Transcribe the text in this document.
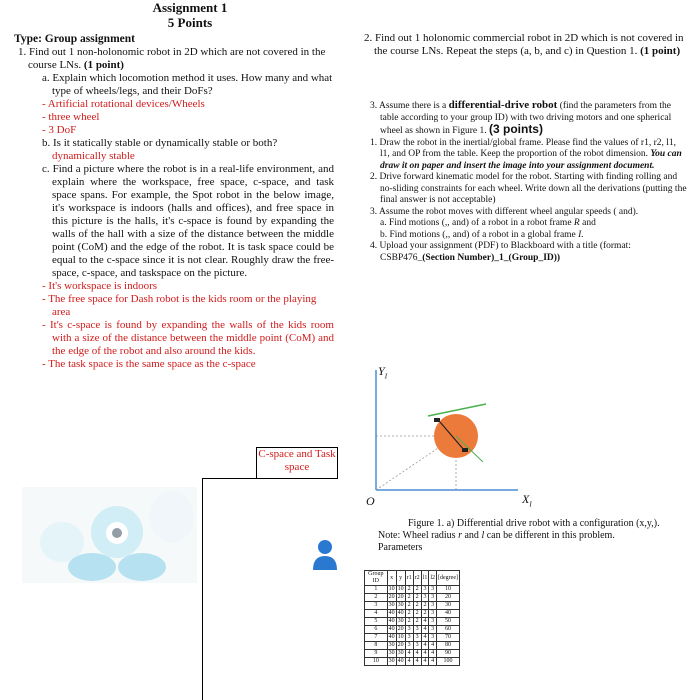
Assignment 1
5 Points
Type: Group assignment
1. Find out 1 non-holonomic robot in 2D which are not covered in the course LNs. (1 point)
a. Explain which locomotion method it uses. How many and what type of wheels/legs, and their DoFs?
- Artificial rotational devices/Wheels
- three wheel
- 3 DoF
b. Is it statically stable or dynamically stable or both?
dynamically stable
c. Find a picture where the robot is in a real-life environment, and explain where the workspace, free space, c-space, and task space spans. For example, the Spot robot in the below image, it's workspace is indoors (halls and offices), and free space in this picture is the halls, it's c-space is found by expanding the walls of the hall with a size of the distance between the middle point (CoM) and the edge of the robot. It is task space could be equal to the c-space since it is not clear. Roughly draw the free-space, c-space, and taskspace on the picture.
- It's workspace is indoors
- The free space for Dash robot is the kids room or the playing area
- It's c-space is found by expanding the walls of the kids room with a size of the distance between the middle point (CoM) and the edge of the robot and also around the kids.
- The task space is the same space as the c-space
C-space and Task space
2. Find out 1 holonomic commercial robot in 2D which is not covered in the course LNs. Repeat the steps (a, b, and c) in Question 1. (1 point)
3. Assume there is a differential-drive robot (find the parameters from the table according to your group ID) with two driving motors and one spherical wheel as shown in Figure 1. (3 points)
1. Draw the robot in the inertial/global frame. Please find the values of r1, r2, l1, l1, and OP from the table. Keep the proportion of the robot dimension. You can draw it on paper and insert the image into your assignment document.
2. Drive forward kinematic model for the robot. Starting with finding rolling and no-sliding constraints for each wheel. Write down all the derivations (putting the final answer is not acceptable)
3. Assume the robot moves with different wheel angular speeds ( and).
a. Find motions (,, and) of a robot in a robot frame R and
b. Find motions (,, and) of a robot in a global frame I.
4. Upload your assignment (PDF) to Blackboard with a title (format: CSBP476_(Section Number)_1_(Group_ID))
$Y_I$
$X_I$
O
Figure 1. a) Differential drive robot with a configuration (x,y,).
Note: Wheel radius r and l can be different in this problem.
Parameters
Group ID	x	y	r1	r2	l1	l2	[degree]
1	10	10	2	2	3	3	10
2	20	20	2	2	3	3	20
3	30	30	2	2	2	3	30
4	40	40	2	2	2	3	40
5	40	30	2	2	4	3	50
6	40	20	3	3	4	3	60
7	40	10	3	3	4	3	70
8	30	20	3	3	4	4	80
9	30	30	4	4	4	4	90
10	30	40	4	4	4	4	100
